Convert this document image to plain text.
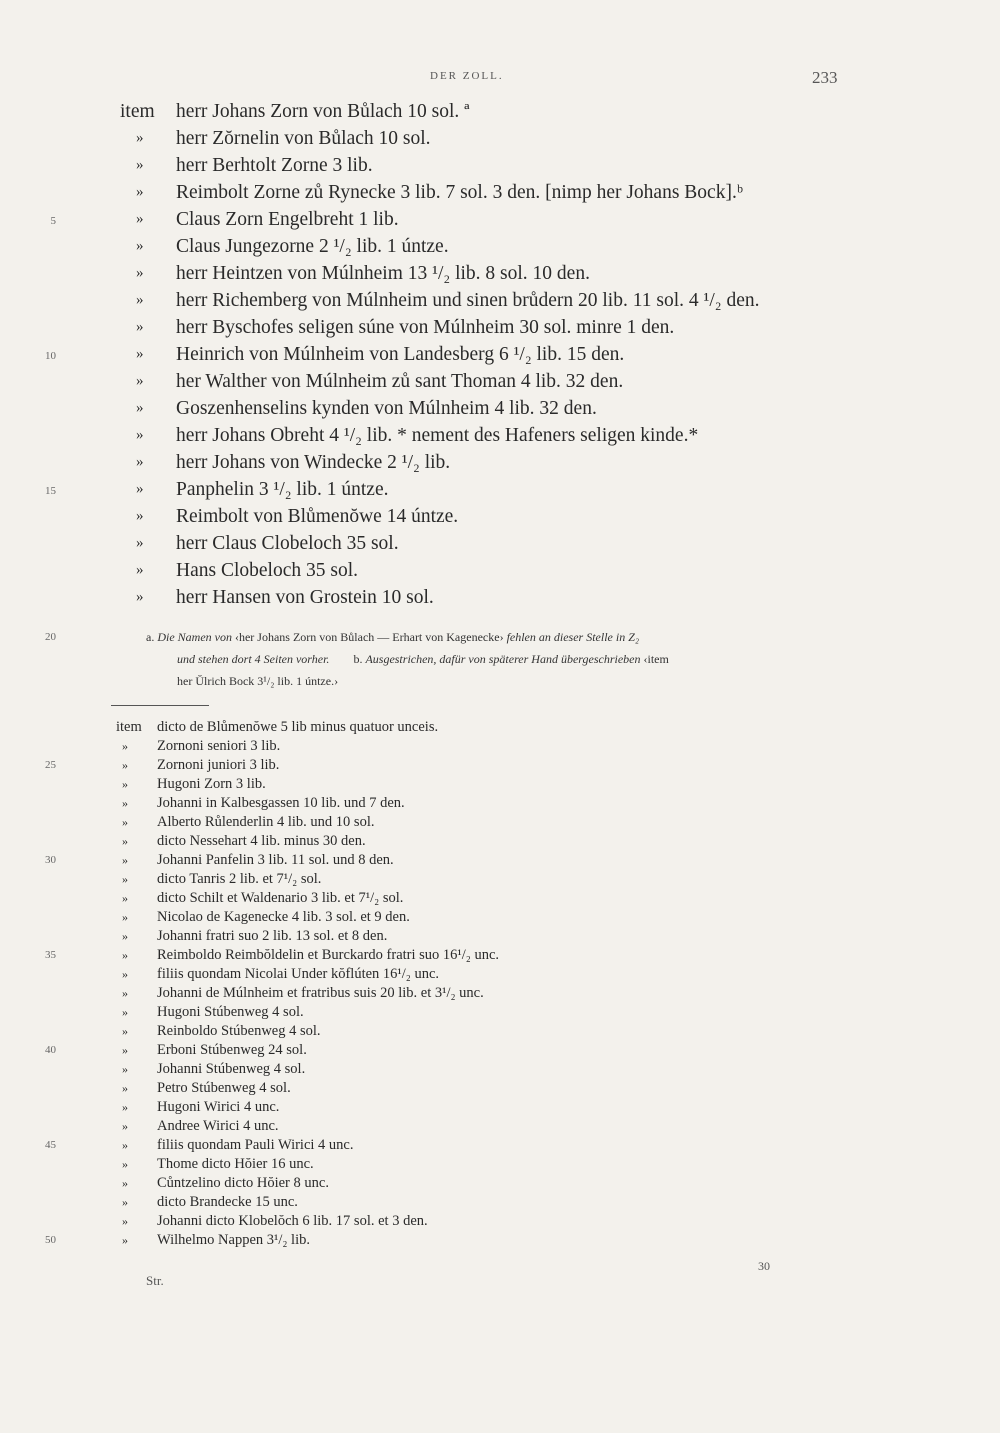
DER ZOLL.	233
item	herr Johans Zorn von Bůlach 10 sol. ª
» herr Zŏrnelin von Bůlach 10 sol.
» herr Berhtolt Zorne 3 lib.
» Reimbolt Zorne zů Rynecke 3 lib. 7 sol. 3 den. [nimp her Johans Bock].ᵇ
5	» Claus Zorn Engelbreht 1 lib.
» Claus Jungezorne 2 ¹/₂ lib. 1 úntze.
» herr Heintzen von Múlnheim 13 ¹/₂ lib. 8 sol. 10 den.
» herr Richemberg von Múlnheim und sinen brůdern 20 lib. 11 sol. 4 ¹/₂ den.
» herr Byschofes seligen súne von Múlnheim 30 sol. minre 1 den.
10	» Heinrich von Múlnheim von Landesberg 6 ¹/₂ lib. 15 den.
» her Walther von Múlnheim zů sant Thoman 4 lib. 32 den.
» Goszenhenselins kynden von Múlnheim 4 lib. 32 den.
» herr Johans Obreht 4 ¹/₂ lib. * nement des Hafeners seligen kinde.*
» herr Johans von Windecke 2 ¹/₂ lib.
15	» Panphelin 3 ¹/₂ lib. 1 úntze.
» Reimbolt von Blůmenŏwe 14 úntze.
» herr Claus Clobeloch 35 sol.
» Hans Clobeloch 35 sol.
» herr Hansen von Grostein 10 sol.
20	a. Die Namen von ‹her Johans Zorn von Bůlach — Erhart von Kagenecke› fehlen an dieser Stelle in Z₂
und stehen dort 4 Seiten vorher. b. Ausgestrichen, dafür von späterer Hand übergeschrieben ‹item
her Ŭlrich Bock 3¹/₂ lib. 1 úntze.›
item dicto de Blůmenŏwe 5 lib minus quatuor unceis.
» Zornoni seniori 3 lib.
25	» Zornoni juniori 3 lib.
» Hugoni Zorn 3 lib.
» Johanni in Kalbesgassen 10 lib. und 7 den.
» Alberto Růlenderlin 4 lib. und 10 sol.
» dicto Nessehart 4 lib. minus 30 den.
30	» Johanni Panfelin 3 lib. 11 sol. und 8 den.
» dicto Tanris 2 lib. et 7¹/₂ sol.
» dicto Schilt et Waldenario 3 lib. et 7¹/₂ sol.
» Nicolao de Kagenecke 4 lib. 3 sol. et 9 den.
» Johanni fratri suo 2 lib. 13 sol. et 8 den.
35	» Reimboldo Reimbŏldelin et Burckardo fratri suo 16¹/₂ unc.
» filiis quondam Nicolai Under kŏflúten 16¹/₂ unc.
» Johanni de Múlnheim et fratribus suis 20 lib. et 3¹/₂ unc.
» Hugoni Stúbenweg 4 sol.
» Reinboldo Stúbenweg 4 sol.
40	» Erboni Stúbenweg 24 sol.
» Johanni Stúbenweg 4 sol.
» Petro Stúbenweg 4 sol.
» Hugoni Wirici 4 unc.
» Andree Wirici 4 unc.
45	» filiis quondam Pauli Wirici 4 unc.
» Thome dicto Hŏier 16 unc.
» Cůntzelino dicto Hŏier 8 unc.
» dicto Brandecke 15 unc.
» Johanni dicto Klobelŏch 6 lib. 17 sol. et 3 den.
50	» Wilhelmo Nappen 3¹/₂ lib.
30
Str.
